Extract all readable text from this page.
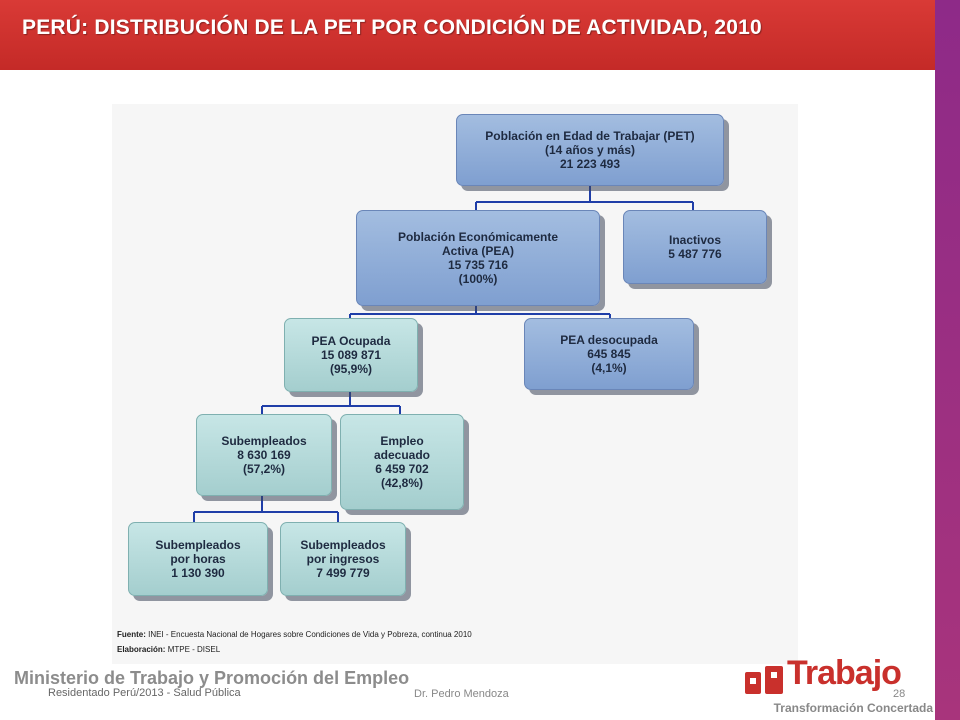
PERÚ: DISTRIBUCIÓN DE LA PET POR CONDICIÓN DE ACTIVIDAD, 2010
Población en Edad de Trabajar (PET)
(14 años y más)
21 223 493
Población Económicamente
Activa (PEA)
15 735 716
(100%)
Inactivos
5 487 776
PEA Ocupada
15 089 871
(95,9%)
PEA desocupada
645 845
(4,1%)
Subempleados
8 630 169
(57,2%)
Empleo
adecuado
6 459 702
(42,8%)
Subempleados
por horas
1 130 390
Subempleados
por ingresos
7 499 779
Fuente: INEI - Encuesta Nacional de Hogares sobre Condiciones de Vida y Pobreza, continua 2010
Elaboración: MTPE - DISEL
Ministerio de Trabajo y Promoción del Empleo
Residentado Perú/2013 - Salud Pública	Dr. Pedro Mendoza	28
Trabajo
Transformación Concertada
